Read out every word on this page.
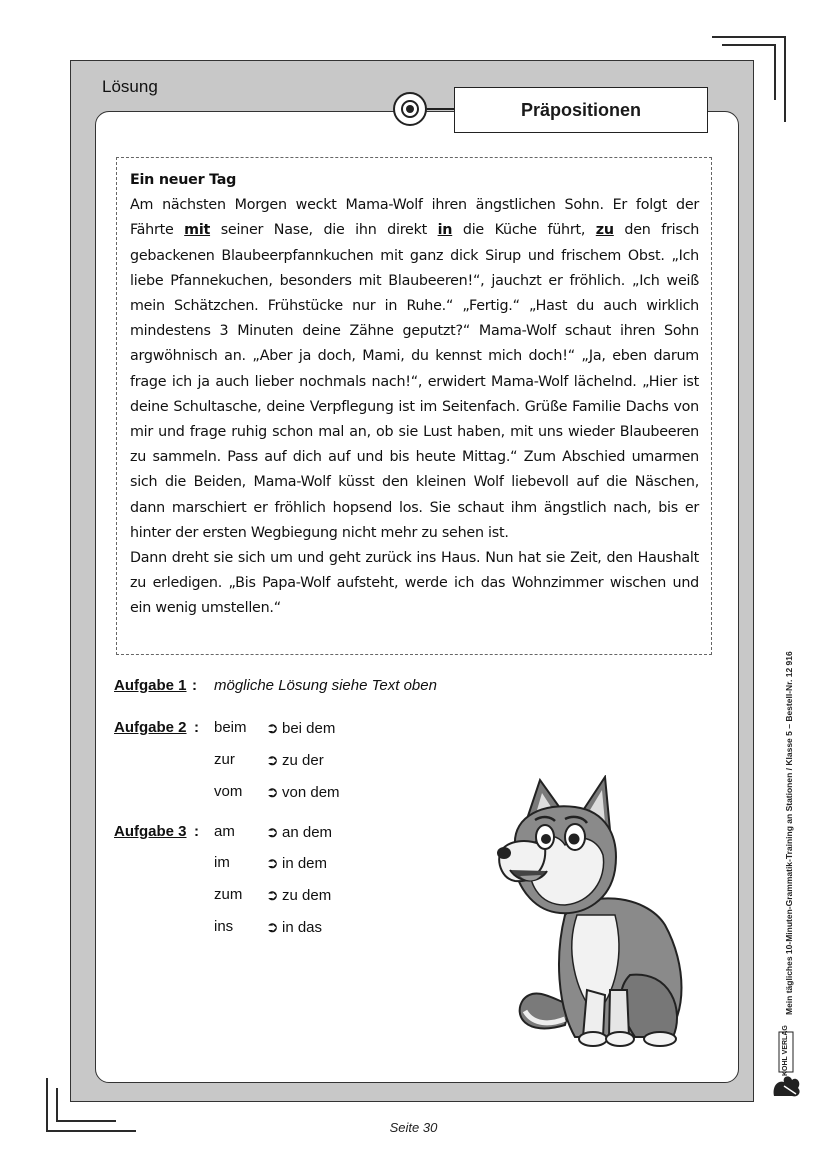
Lösung
Präpositionen
Ein neuer Tag
Am nächsten Morgen weckt Mama-Wolf ihren ängstlichen Sohn. Er folgt der Fährte mit seiner Nase, die ihn direkt in die Küche führt, zu den frisch gebackenen Blaubeerpfannkuchen mit ganz dick Sirup und frischem Obst. „Ich liebe Pfannekuchen, besonders mit Blaubeeren!“, jauchzt er fröhlich. „Ich weiß mein Schätzchen. Frühstücke nur in Ruhe.“ „Fertig.“ „Hast du auch wirklich mindestens 3 Minuten deine Zähne geputzt?“ Mama-Wolf schaut ihren Sohn argwöhnisch an. „Aber ja doch, Mami, du kennst mich doch!“ „Ja, eben darum frage ich ja auch lieber nochmals nach!“, erwidert Mama-Wolf lächelnd. „Hier ist deine Schultasche, deine Verpflegung ist im Seitenfach. Grüße Familie Dachs von mir und frage ruhig schon mal an, ob sie Lust haben, mit uns wieder Blaubeeren zu sammeln. Pass auf dich auf und bis heute Mittag.“ Zum Abschied umarmen sich die Beiden, Mama-Wolf küsst den kleinen Wolf liebevoll auf die Näschen, dann marschiert er fröhlich hopsend los. Sie schaut ihm ängstlich nach, bis er hinter der ersten Wegbiegung nicht mehr zu sehen ist.
Dann dreht sie sich um und geht zurück ins Haus. Nun hat sie Zeit, den Haushalt zu erledigen. „Bis Papa-Wolf aufsteht, werde ich das Wohnzimmer wischen und ein wenig umstellen.“
Aufgabe 1 : mögliche Lösung siehe Text oben
Aufgabe 2 : beim ➲ bei dem
zur ➲ zu der
vom ➲ von dem
Aufgabe 3 : am ➲ an dem
im ➲ in dem
zum ➲ zu dem
ins ➲ in das	Mein tägliches 10-Minuten-Grammatik-Training an Stationen / Klasse 5 – Bestell-Nr. 12 916
KOHL VERLAG
Seite 30
